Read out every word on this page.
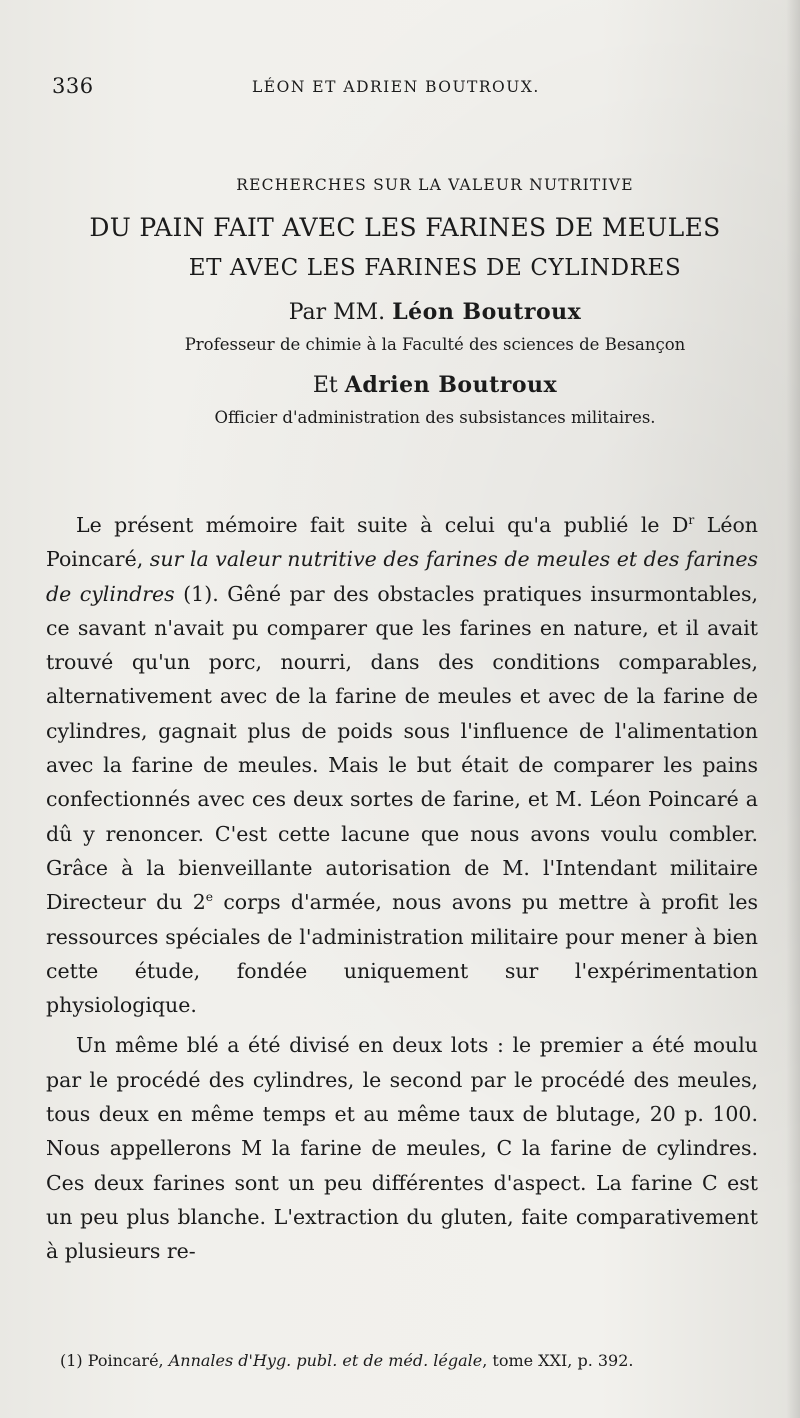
336	LÉON ET ADRIEN BOUTROUX.
RECHERCHES SUR LA VALEUR NUTRITIVE
DU PAIN FAIT AVEC LES FARINES DE MEULES
ET AVEC LES FARINES DE CYLINDRES
Par MM. Léon Boutroux
Professeur de chimie à la Faculté des sciences de Besançon
Et Adrien Boutroux
Officier d'administration des subsistances militaires.

Le présent mémoire fait suite à celui qu'a publié le $D^r$ Léon Poincaré, sur la valeur nutritive des farines de meules et des farines de cylindres (1). Gêné par des obstacles pratiques insurmontables, ce savant n'avait pu comparer que les farines en nature, et il avait trouvé qu'un porc, nourri, dans des conditions comparables, alternativement avec de la farine de meules et avec de la farine de cylindres, gagnait plus de poids sous l'influence de l'alimentation avec la farine de meules. Mais le but était de comparer les pains confectionnés avec ces deux sortes de farine, et M. Léon Poincaré a dû y renoncer. C'est cette lacune que nous avons voulu combler. Grâce à la bienveillante autorisation de M. l'Intendant militaire Directeur du 2e corps d'armée, nous avons pu mettre à profit les ressources spéciales de l'administration militaire pour mener à bien cette étude, fondée uniquement sur l'expérimentation physiologique.

Un même blé a été divisé en deux lots : le premier a été moulu par le procédé des cylindres, le second par le procédé des meules, tous deux en même temps et au même taux de blutage, 20 p. 100. Nous appellerons M la farine de meules, C la farine de cylindres. Ces deux farines sont un peu différentes d'aspect. La farine C est un peu plus blanche. L'extraction du gluten, faite comparativement à plusieurs re-

(1) Poincaré, Annales d'Hyg. publ. et de méd. légale, tome XXI, p. 392.
